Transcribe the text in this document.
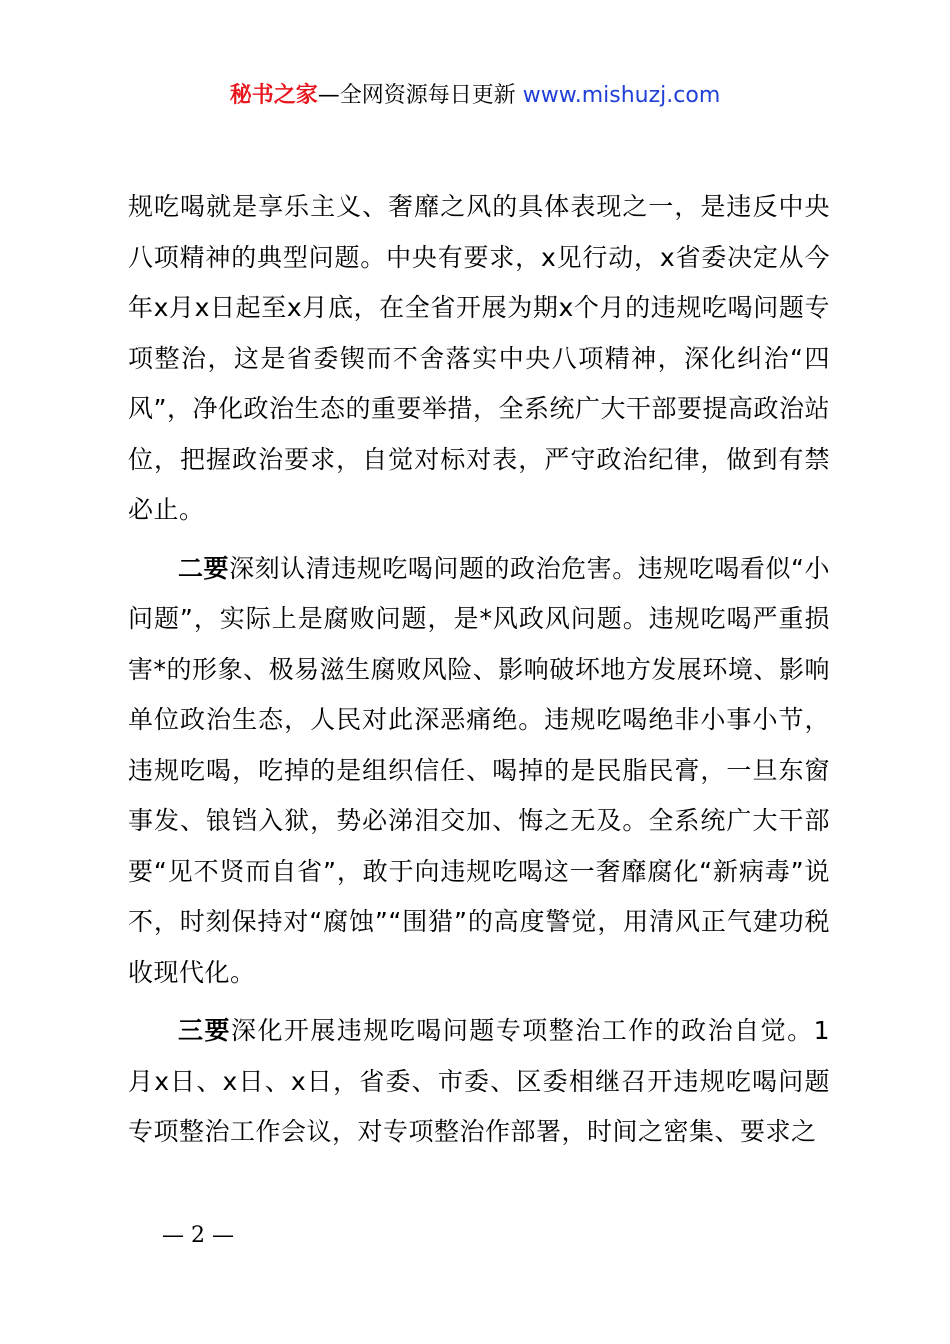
秘书之家—全网资源每日更新 www.mishuzj.com

规吃喝就是享乐主义、奢靡之风的具体表现之一，是违反中央八项精神的典型问题。中央有要求，x见行动，x省委决定从今年x月x日起至x月底，在全省开展为期x个月的违规吃喝问题专项整治，这是省委锲而不舍落实中央八项精神，深化纠治“四风”，净化政治生态的重要举措，全系统广大干部要提高政治站位，把握政治要求，自觉对标对表，严守政治纪律，做到有禁必止。

二要深刻认清违规吃喝问题的政治危害。违规吃喝看似“小问题”，实际上是腐败问题，是*风政风问题。违规吃喝严重损害*的形象、极易滋生腐败风险、影响破坏地方发展环境、影响单位政治生态，人民对此深恶痛绝。违规吃喝绝非小事小节，违规吃喝，吃掉的是组织信任、喝掉的是民脂民膏，一旦东窗事发、锒铛入狱，势必涕泪交加、悔之无及。全系统广大干部要“见不贤而自省”，敢于向违规吃喝这一奢靡腐化“新病毒”说不，时刻保持对“腐蚀”“围猎”的高度警觉，用清风正气建功税收现代化。

三要深化开展违规吃喝问题专项整治工作的政治自觉。1月x日、x日、x日，省委、市委、区委相继召开违规吃喝问题专项整治工作会议，对专项整治作部署，时间之密集、要求之

— 2 —
